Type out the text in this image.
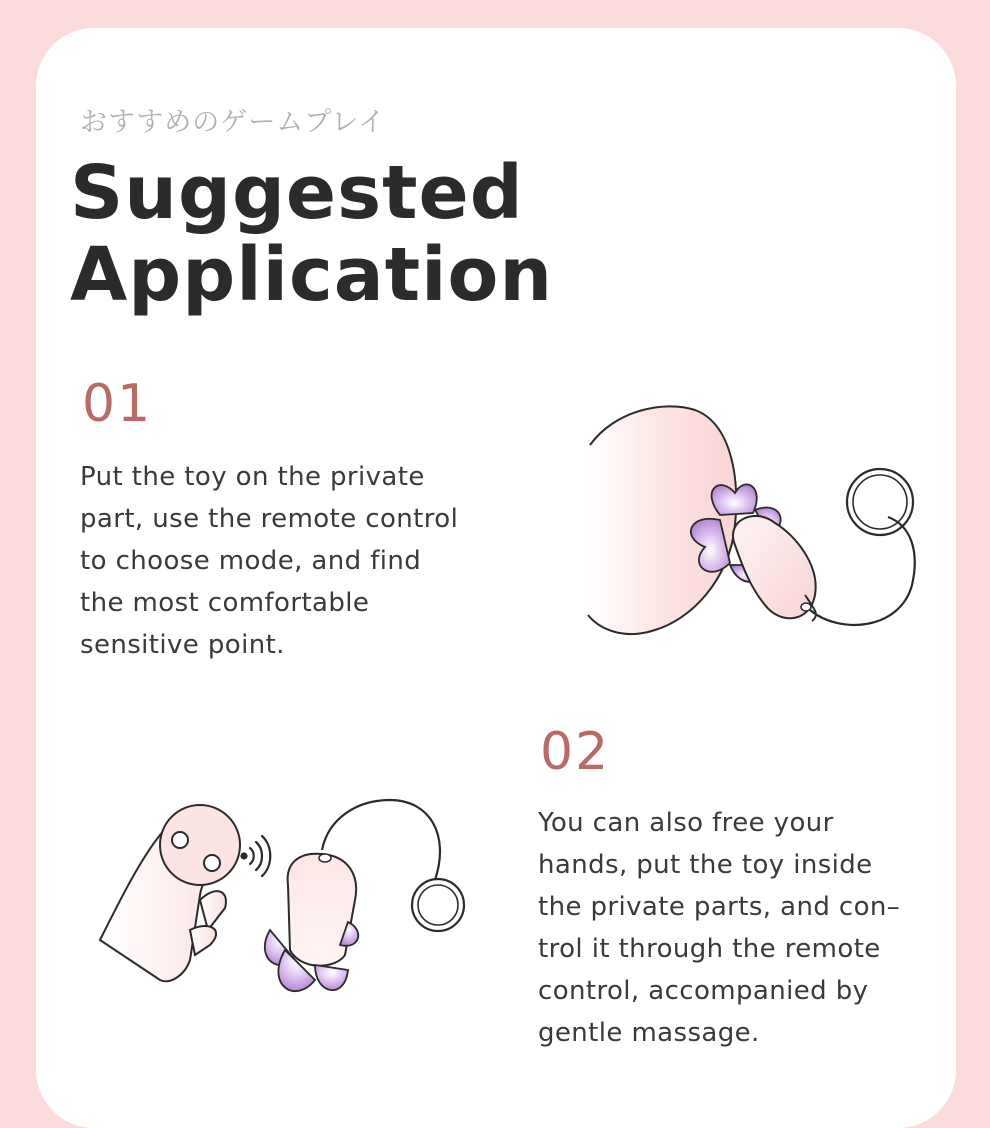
おすすめのゲームプレイ
Suggested
Application
01
Put the toy on the private
part, use the remote control
to choose mode, and find
the most comfortable
sensitive point.
02
You can also free your
hands, put the toy inside
the private parts, and con–
trol it through the remote
control, accompanied by
gentle massage.
